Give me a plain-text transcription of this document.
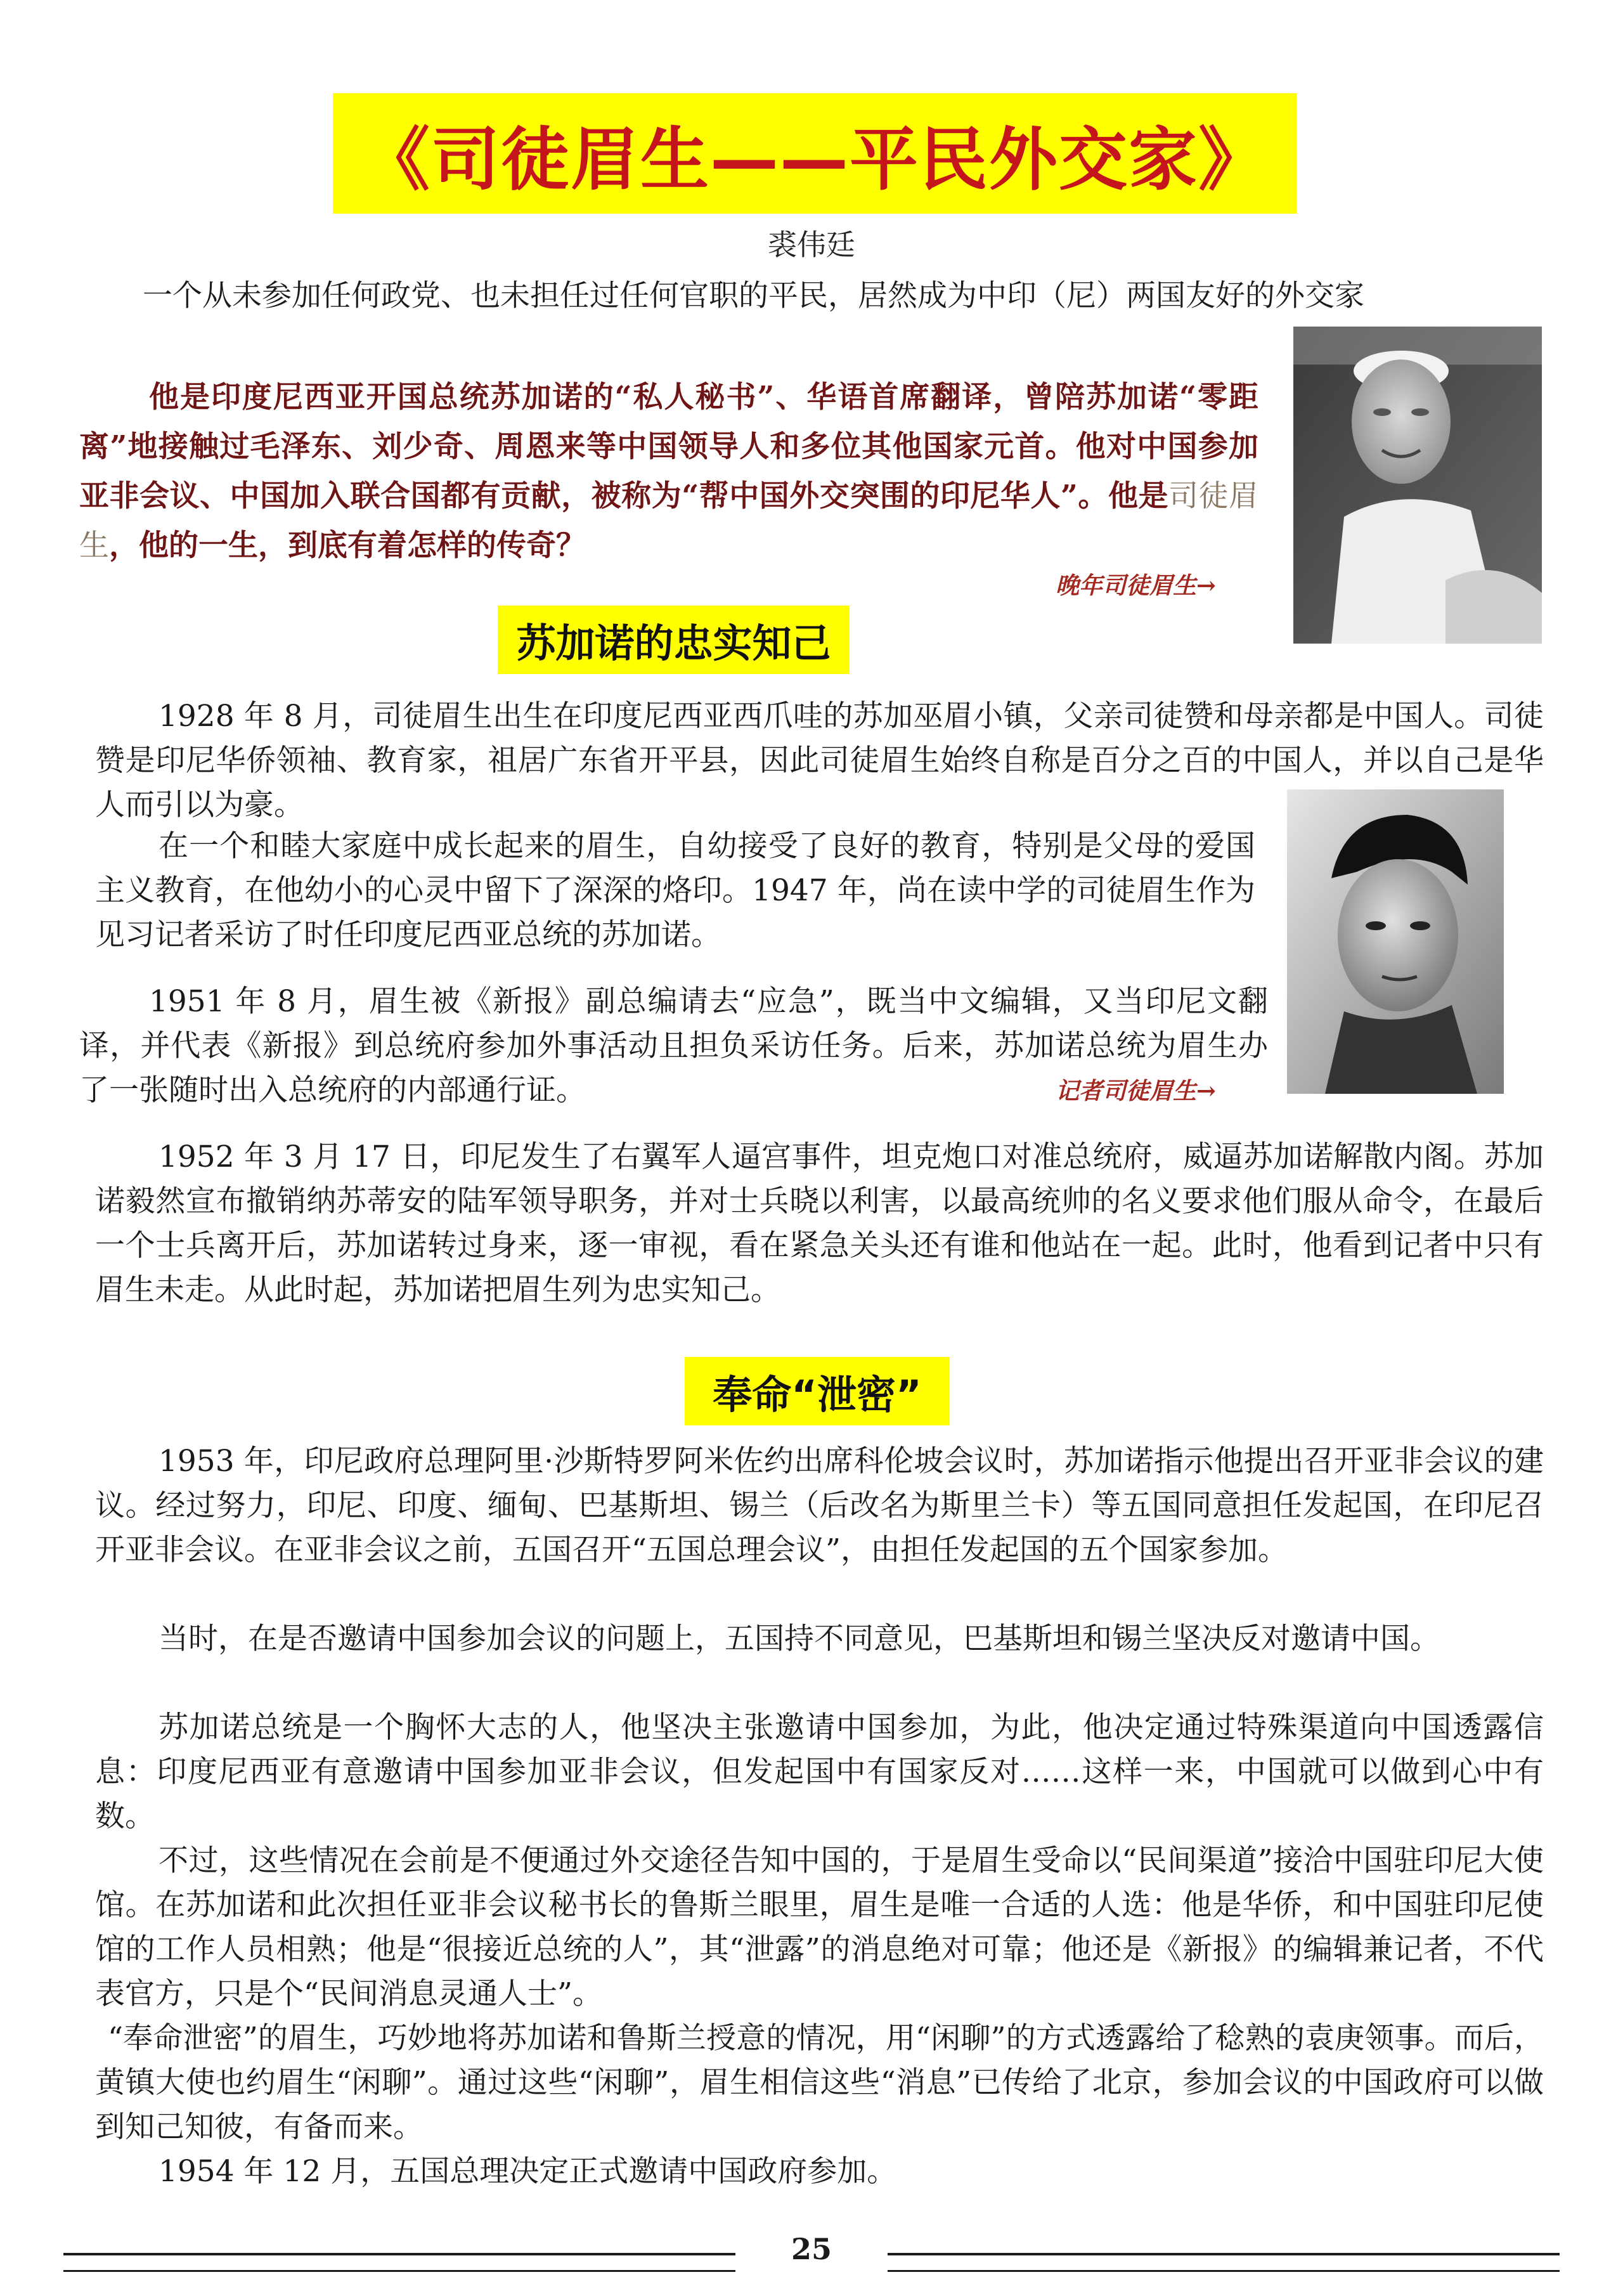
《司徒眉生——平民外交家》
裘伟廷

一个从未参加任何政党、也未担任过任何官职的平民，居然成为中印（尼）两国友好的外交家

他是印度尼西亚开国总统苏加诺的“私人秘书”、华语首席翻译，曾陪苏加诺“零距离”地接触过毛泽东、刘少奇、周恩来等中国领导人和多位其他国家元首。他对中国参加亚非会议、中国加入联合国都有贡献，被称为“帮中国外交突围的印尼华人”。他是司徒眉生，他的一生，到底有着怎样的传奇？

晚年司徒眉生→
苏加诺的忠实知己

1928 年 8 月，司徒眉生出生在印度尼西亚西爪哇的苏加巫眉小镇，父亲司徒赞和母亲都是中国人。司徒赞是印尼华侨领袖、教育家，祖居广东省开平县，因此司徒眉生始终自称是百分之百的中国人，并以自己是华人而引以为豪。

在一个和睦大家庭中成长起来的眉生，自幼接受了良好的教育，特别是父母的爱国主义教育，在他幼小的心灵中留下了深深的烙印。1947 年，尚在读中学的司徒眉生作为见习记者采访了时任印度尼西亚总统的苏加诺。

1951 年 8 月，眉生被《新报》副总编请去“应急”，既当中文编辑，又当印尼文翻译，并代表《新报》到总统府参加外事活动且担负采访任务。后来，苏加诺总统为眉生办了一张随时出入总统府的内部通行证。	记者司徒眉生→

1952 年 3 月 17 日，印尼发生了右翼军人逼宫事件，坦克炮口对准总统府，威逼苏加诺解散内阁。苏加诺毅然宣布撤销纳苏蒂安的陆军领导职务，并对士兵晓以利害，以最高统帅的名义要求他们服从命令，在最后一个士兵离开后，苏加诺转过身来，逐一审视，看在紧急关头还有谁和他站在一起。此时，他看到记者中只有眉生未走。从此时起，苏加诺把眉生列为忠实知己。

奉命“泄密”

1953 年，印尼政府总理阿里·沙斯特罗阿米佐约出席科伦坡会议时，苏加诺指示他提出召开亚非会议的建议。经过努力，印尼、印度、缅甸、巴基斯坦、锡兰（后改名为斯里兰卡）等五国同意担任发起国，在印尼召开亚非会议。在亚非会议之前，五国召开“五国总理会议”，由担任发起国的五个国家参加。

当时，在是否邀请中国参加会议的问题上，五国持不同意见，巴基斯坦和锡兰坚决反对邀请中国。

苏加诺总统是一个胸怀大志的人，他坚决主张邀请中国参加，为此，他决定通过特殊渠道向中国透露信息：印度尼西亚有意邀请中国参加亚非会议，但发起国中有国家反对……这样一来，中国就可以做到心中有数。

不过，这些情况在会前是不便通过外交途径告知中国的，于是眉生受命以“民间渠道”接洽中国驻印尼大使馆。在苏加诺和此次担任亚非会议秘书长的鲁斯兰眼里，眉生是唯一合适的人选：他是华侨，和中国驻印尼使馆的工作人员相熟；他是“很接近总统的人”，其“泄露”的消息绝对可靠；他还是《新报》的编辑兼记者，不代表官方，只是个“民间消息灵通人士”。

“奉命泄密”的眉生，巧妙地将苏加诺和鲁斯兰授意的情况，用“闲聊”的方式透露给了稔熟的袁庚领事。而后，黄镇大使也约眉生“闲聊”。通过这些“闲聊”，眉生相信这些“消息”已传给了北京，参加会议的中国政府可以做到知己知彼，有备而来。

1954 年 12 月，五国总理决定正式邀请中国政府参加。

25
